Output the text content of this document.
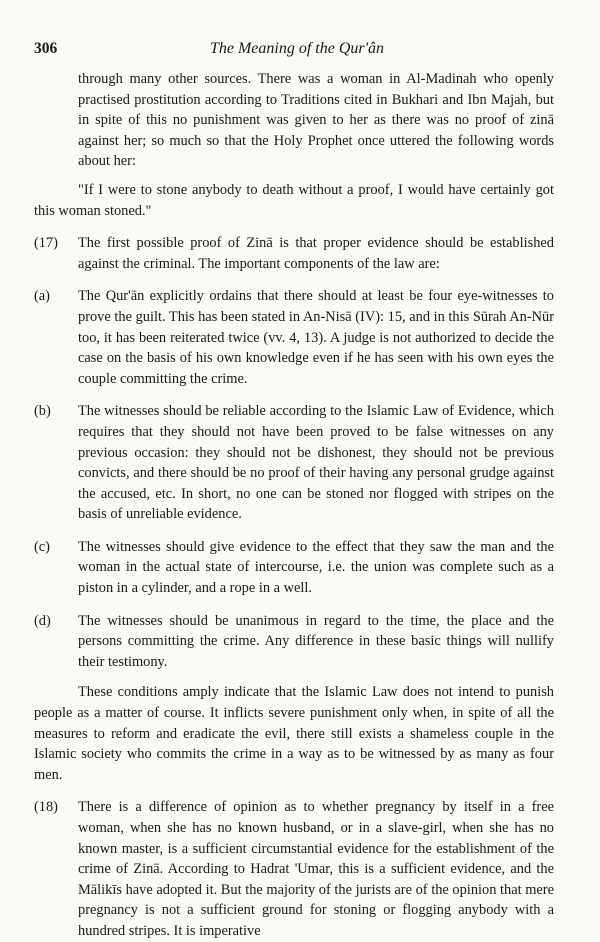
306	The Meaning of the Qur'ân

through many other sources. There was a woman in Al-Madinah who openly practised prostitution according to Traditions cited in Bukhari and Ibn Majah, but in spite of this no punishment was given to her as there was no proof of zinā against her; so much so that the Holy Prophet once uttered the following words about her:

"If I were to stone anybody to death without a proof, I would have certainly got this woman stoned."

(17) The first possible proof of Zinā is that proper evidence should be established against the criminal. The important components of the law are:

(a) The Qur'ān explicitly ordains that there should at least be four eye-witnesses to prove the guilt. This has been stated in An-Nisā (IV): 15, and in this Sūrah An-Nūr too, it has been reiterated twice (vv. 4, 13). A judge is not authorized to decide the case on the basis of his own knowledge even if he has seen with his own eyes the couple committing the crime.

(b) The witnesses should be reliable according to the Islamic Law of Evidence, which requires that they should not have been proved to be false witnesses on any previous occasion: they should not be dishonest, they should not be previous convicts, and there should be no proof of their having any personal grudge against the accused, etc. In short, no one can be stoned nor flogged with stripes on the basis of unreliable evidence.

(c) The witnesses should give evidence to the effect that they saw the man and the woman in the actual state of intercourse, i.e. the union was complete such as a piston in a cylinder, and a rope in a well.

(d) The witnesses should be unanimous in regard to the time, the place and the persons committing the crime. Any difference in these basic things will nullify their testimony.

These conditions amply indicate that the Islamic Law does not intend to punish people as a matter of course. It inflicts severe punishment only when, in spite of all the measures to reform and eradicate the evil, there still exists a shameless couple in the Islamic society who commits the crime in a way as to be witnessed by as many as four men.

(18) There is a difference of opinion as to whether pregnancy by itself in a free woman, when she has no known husband, or in a slave-girl, when she has no known master, is a sufficient circumstantial evidence for the establishment of the crime of Zinā. According to Hadrat 'Umar, this is a sufficient evidence, and the Mālikīs have adopted it. But the majority of the jurists are of the opinion that mere pregnancy is not a sufficient ground for stoning or flogging anybody with a hundred stripes. It is imperative
